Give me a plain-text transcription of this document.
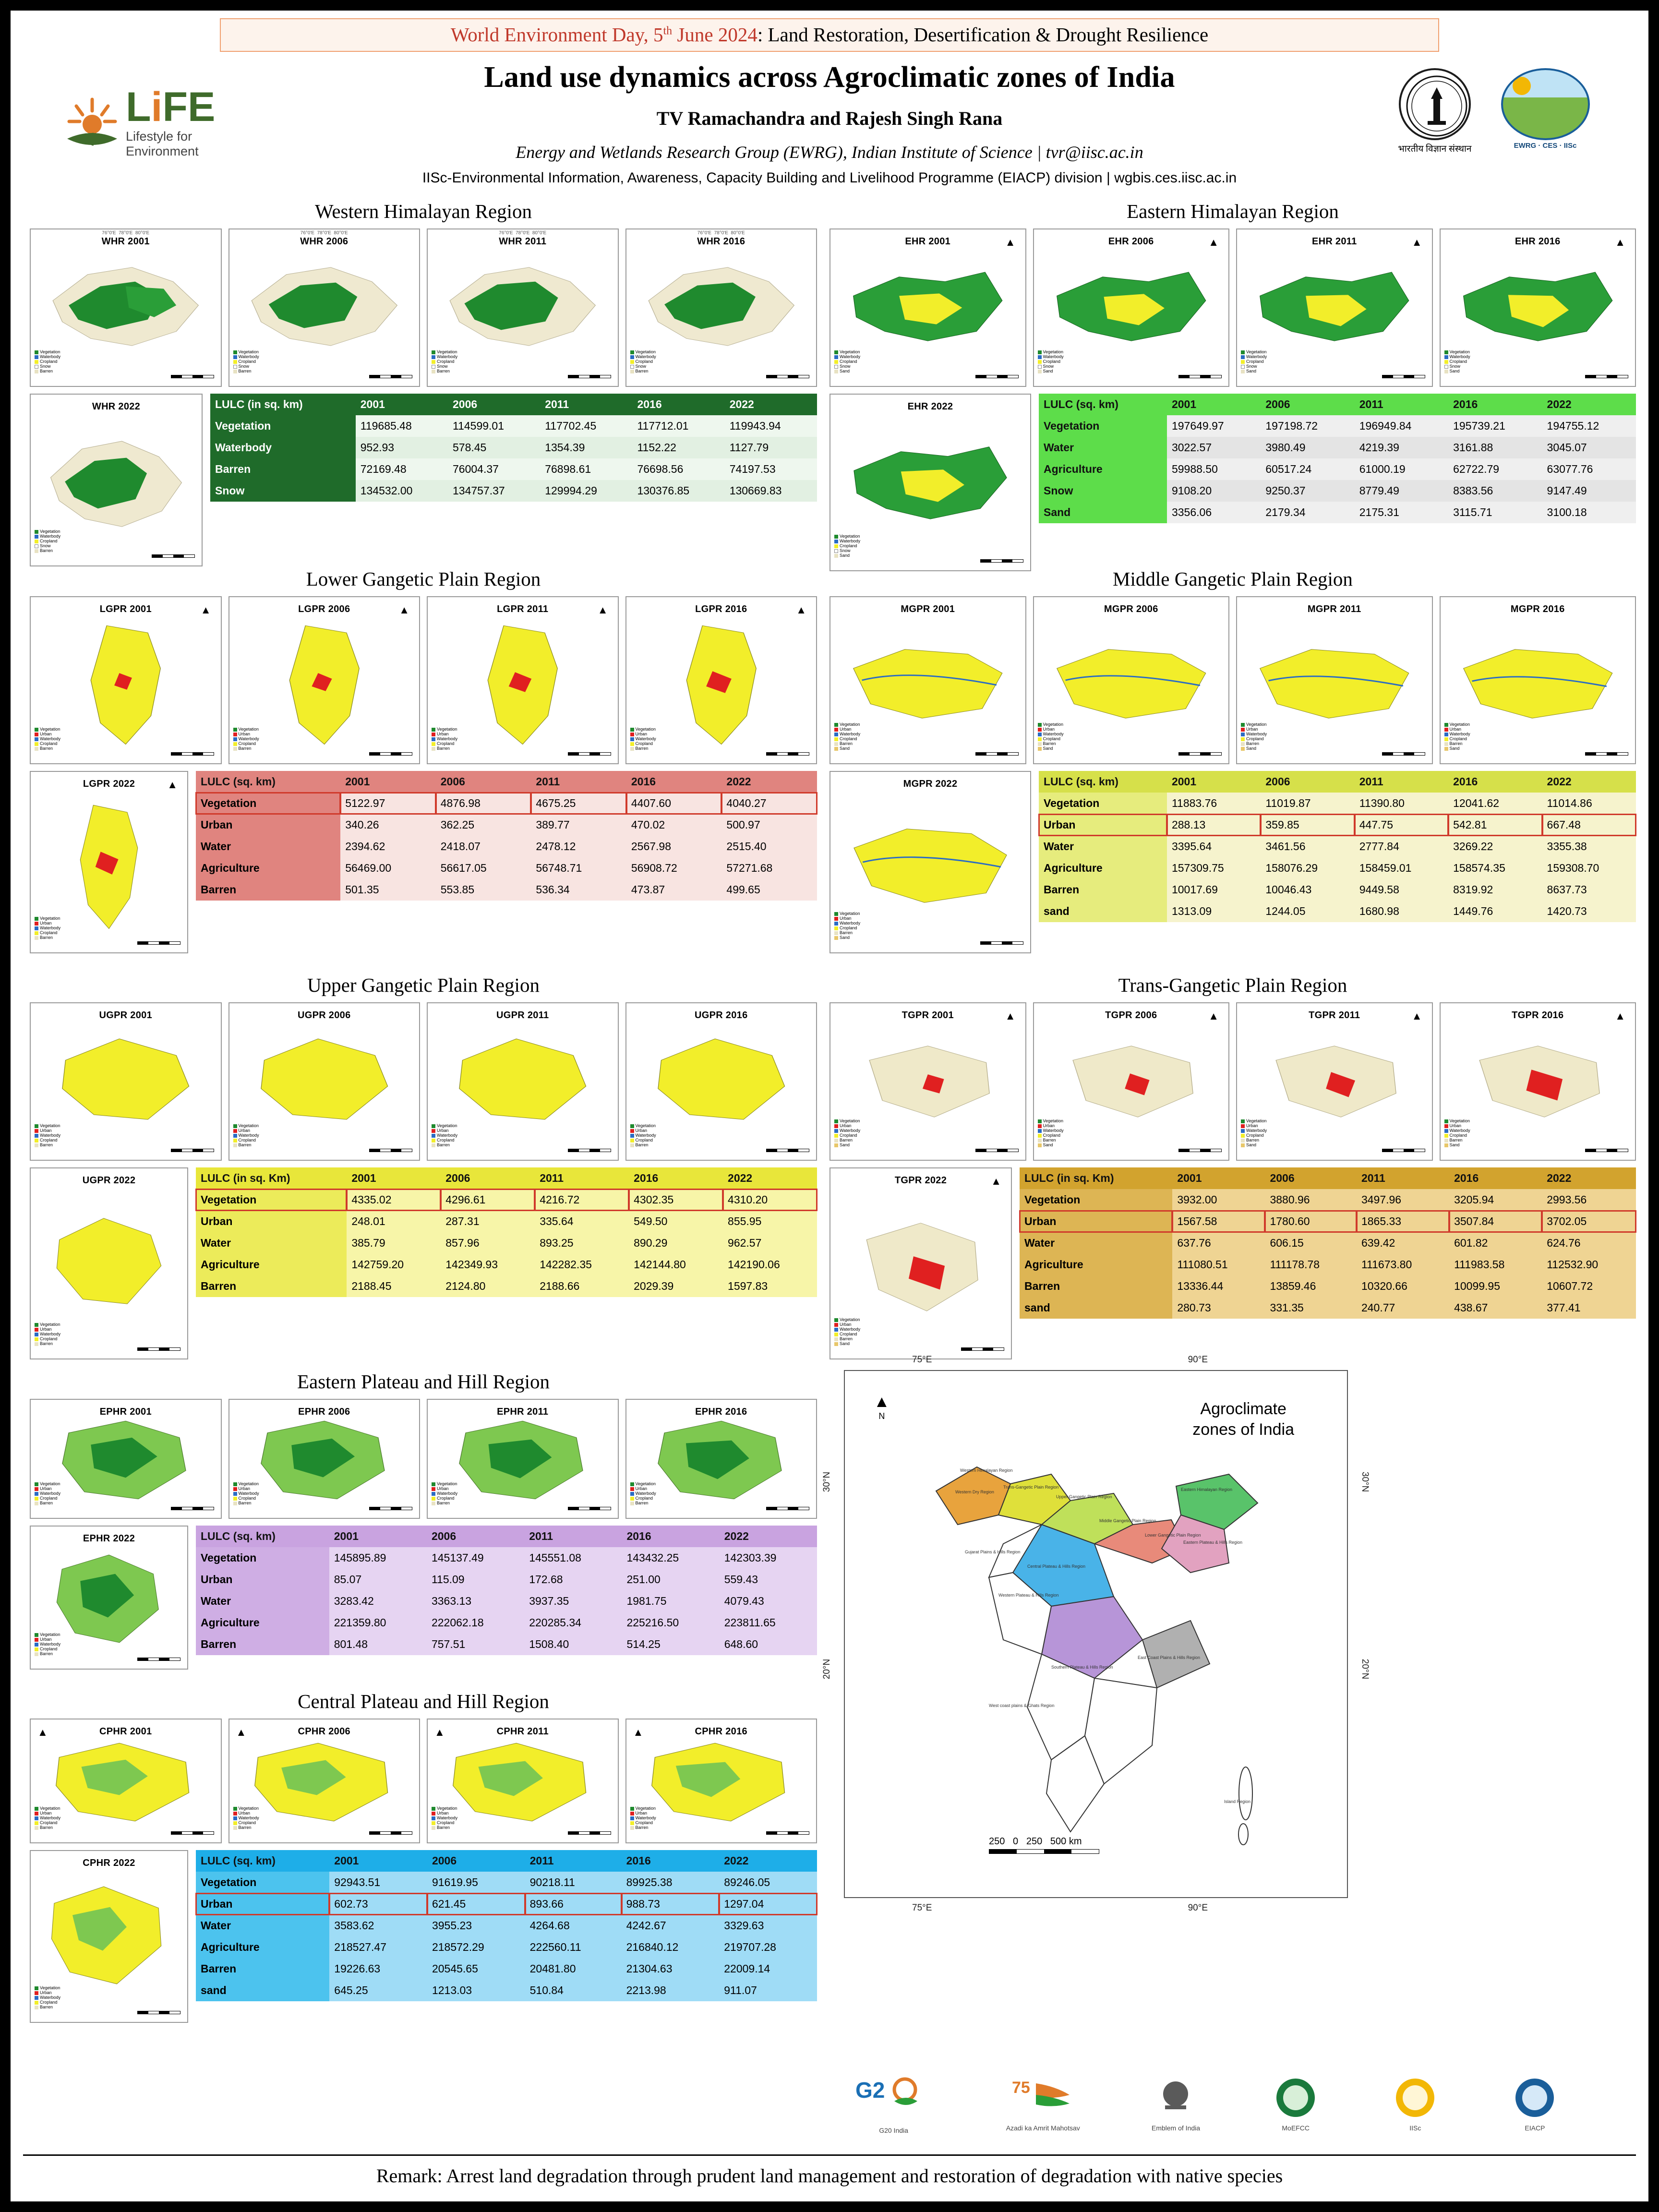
World Environment Day, 5th June 2024: Land Restoration, Desertification & Drought Resilience
Land use dynamics across Agroclimatic zones of India
TV Ramachandra and Rajesh Singh Rana
Energy and Wetlands Research Group (EWRG), Indian Institute of Science | tvr@iisc.ac.in
IISc-Environmental Information, Awareness, Capacity Building and Livelihood Programme (EIACP) division | wgbis.ces.iisc.ac.in
LiFE
Lifestyle for
Environment	भारतीय विज्ञान संस्थान	EWRG · CES · IISc
Western Himalayan Region
76°0'E  78°0'E  80°0'E
WHR 2001
Vegetation
Waterbody
Cropland
Snow
Barren
76°0'E  78°0'E  80°0'E
WHR 2006
Vegetation
Waterbody
Cropland
Snow
Barren
76°0'E  78°0'E  80°0'E
WHR 2011
Vegetation
Waterbody
Cropland
Snow
Barren
76°0'E  78°0'E  80°0'E
WHR 2016
Vegetation
Waterbody
Cropland
Snow
Barren
WHR 2022
Vegetation
Waterbody
Cropland
Snow
Barren
LULC (in sq. km)	2001	2006	2011	2016	2022
Vegetation	119685.48	114599.01	117702.45	117712.01	119943.94
Waterbody	952.93	578.45	1354.39	1152.22	1127.79
Barren	72169.48	76004.37	76898.61	76698.56	74197.53
Snow	134532.00	134757.37	129994.29	130376.85	130669.83
Lower Gangetic Plain Region
LGPR 2001	▲
Vegetation
Urban
Waterbody
Cropland
Barren
LGPR 2006	▲
Vegetation
Urban
Waterbody
Cropland
Barren
LGPR 2011	▲
Vegetation
Urban
Waterbody
Cropland
Barren
LGPR 2016	▲
Vegetation
Urban
Waterbody
Cropland
Barren
LGPR 2022	▲
Vegetation
Urban
Waterbody
Cropland
Barren
LULC (sq. km)	2001	2006	2011	2016	2022
Vegetation	5122.97	4876.98	4675.25	4407.60	4040.27
Urban	340.26	362.25	389.77	470.02	500.97
Water	2394.62	2418.07	2478.12	2567.98	2515.40
Agriculture	56469.00	56617.05	56748.71	56908.72	57271.68
Barren	501.35	553.85	536.34	473.87	499.65
Upper Gangetic Plain Region
UGPR 2001
Vegetation
Urban
Waterbody
Cropland
Barren
UGPR 2006
Vegetation
Urban
Waterbody
Cropland
Barren
UGPR 2011
Vegetation
Urban
Waterbody
Cropland
Barren
UGPR 2016
Vegetation
Urban
Waterbody
Cropland
Barren
UGPR 2022
Vegetation
Urban
Waterbody
Cropland
Barren
LULC (in sq. Km)	2001	2006	2011	2016	2022
Vegetation	4335.02	4296.61	4216.72	4302.35	4310.20
Urban	248.01	287.31	335.64	549.50	855.95
Water	385.79	857.96	893.25	890.29	962.57
Agriculture	142759.20	142349.93	142282.35	142144.80	142190.06
Barren	2188.45	2124.80	2188.66	2029.39	1597.83
Eastern Plateau and Hill Region
EPHR 2001
Vegetation
Urban
Waterbody
Cropland
Barren
EPHR 2006
Vegetation
Urban
Waterbody
Cropland
Barren
EPHR 2011
Vegetation
Urban
Waterbody
Cropland
Barren
EPHR 2016
Vegetation
Urban
Waterbody
Cropland
Barren
EPHR 2022
Vegetation
Urban
Waterbody
Cropland
Barren
LULC (sq. km)	2001	2006	2011	2016	2022
Vegetation	145895.89	145137.49	145551.08	143432.25	142303.39
Urban	85.07	115.09	172.68	251.00	559.43
Water	3283.42	3363.13	3937.35	1981.75	4079.43
Agriculture	221359.80	222062.18	220285.34	225216.50	223811.65
Barren	801.48	757.51	1508.40	514.25	648.60
Central Plateau and Hill Region
CPHR 2001
▲
Vegetation
Urban
Waterbody
Cropland
Barren
CPHR 2006
▲
Vegetation
Urban
Waterbody
Cropland
Barren
CPHR 2011
▲
Vegetation
Urban
Waterbody
Cropland
Barren
CPHR 2016
▲
Vegetation
Urban
Waterbody
Cropland
Barren
CPHR 2022
Vegetation
Urban
Waterbody
Cropland
Barren
LULC (sq. km)	2001	2006	2011	2016	2022
Vegetation	92943.51	91619.95	90218.11	89925.38	89246.05
Urban	602.73	621.45	893.66	988.73	1297.04
Water	3583.62	3955.23	4264.68	4242.67	3329.63
Agriculture	218527.47	218572.29	222560.11	216840.12	219707.28
Barren	19226.63	20545.65	20481.80	21304.63	22009.14
sand	645.25	1213.03	510.84	2213.98	911.07
Eastern Himalayan Region
EHR 2001	▲
Vegetation
Waterbody
Cropland
Snow
Sand
EHR 2006	▲
Vegetation
Waterbody
Cropland
Snow
Sand
EHR 2011	▲
Vegetation
Waterbody
Cropland
Snow
Sand
EHR 2016	▲
Vegetation
Waterbody
Cropland
Snow
Sand
EHR 2022
Vegetation
Waterbody
Cropland
Snow
Sand
LULC (sq. km)	2001	2006	2011	2016	2022
Vegetation	197649.97	197198.72	196949.84	195739.21	194755.12
Water	3022.57	3980.49	4219.39	3161.88	3045.07
Agriculture	59988.50	60517.24	61000.19	62722.79	63077.76
Snow	9108.20	9250.37	8779.49	8383.56	9147.49
Sand	3356.06	2179.34	2175.31	3115.71	3100.18
Middle Gangetic Plain Region
MGPR 2001
Vegetation
Urban
Waterbody
Cropland
Barren
Sand
MGPR 2006
Vegetation
Urban
Waterbody
Cropland
Barren
Sand
MGPR 2011
Vegetation
Urban
Waterbody
Cropland
Barren
Sand
MGPR 2016
Vegetation
Urban
Waterbody
Cropland
Barren
Sand
MGPR 2022
Vegetation
Urban
Waterbody
Cropland
Barren
Sand
LULC (sq. km)	2001	2006	2011	2016	2022
Vegetation	11883.76	11019.87	11390.80	12041.62	11014.86
Urban	288.13	359.85	447.75	542.81	667.48
Water	3395.64	3461.56	2777.84	3269.22	3355.38
Agriculture	157309.75	158076.29	158459.01	158574.35	159308.70
Barren	10017.69	10046.43	9449.58	8319.92	8637.73
sand	1313.09	1244.05	1680.98	1449.76	1420.73
Trans-Gangetic Plain Region
TGPR 2001	▲
Vegetation
Urban
Waterbody
Cropland
Barren
Sand
TGPR 2006	▲
Vegetation
Urban
Waterbody
Cropland
Barren
Sand
TGPR 2011	▲
Vegetation
Urban
Waterbody
Cropland
Barren
Sand
TGPR 2016	▲
Vegetation
Urban
Waterbody
Cropland
Barren
Sand
TGPR 2022	▲
Vegetation
Urban
Waterbody
Cropland
Barren
Sand
LULC (in sq. Km)	2001	2006	2011	2016	2022
Vegetation	3932.00	3880.96	3497.96	3205.94	2993.56
Urban	1567.58	1780.60	1865.33	3507.84	3702.05
Water	637.76	606.15	639.42	601.82	624.76
Agriculture	111080.51	111178.78	111673.80	111983.58	112532.90
Barren	13336.44	13859.46	10320.66	10099.95	10607.72
sand	280.73	331.35	240.77	438.67	377.41
75°E	90°E
30°N
20°N
30°N
20°N
75°E	90°E
Agroclimate
zones of India
▲
N
Western Dry Region
Trans-Gangetic Plain Region
Upper Gangetic Plain Region
Middle Gangetic Plain Region
Lower Gangetic Plain Region
Eastern Himalayan Region
Eastern Plateau & Hills Region
Central Plateau & Hills Region
Western Plateau & Hills Region
Southern Plateau & Hills Region
East Coast Plains & Hills Region
West coast plains & Ghats Region
Gujarat Plains & Hills Region
Western Himalayan Region
Island Region
250 0 250 500 km
G2
G20 India
75
Azadi ka Amrit Mahotsav	Emblem of India	MoEFCC	IISc	EIACP
Remark: Arrest land degradation through prudent land management and restoration of degradation with native species
